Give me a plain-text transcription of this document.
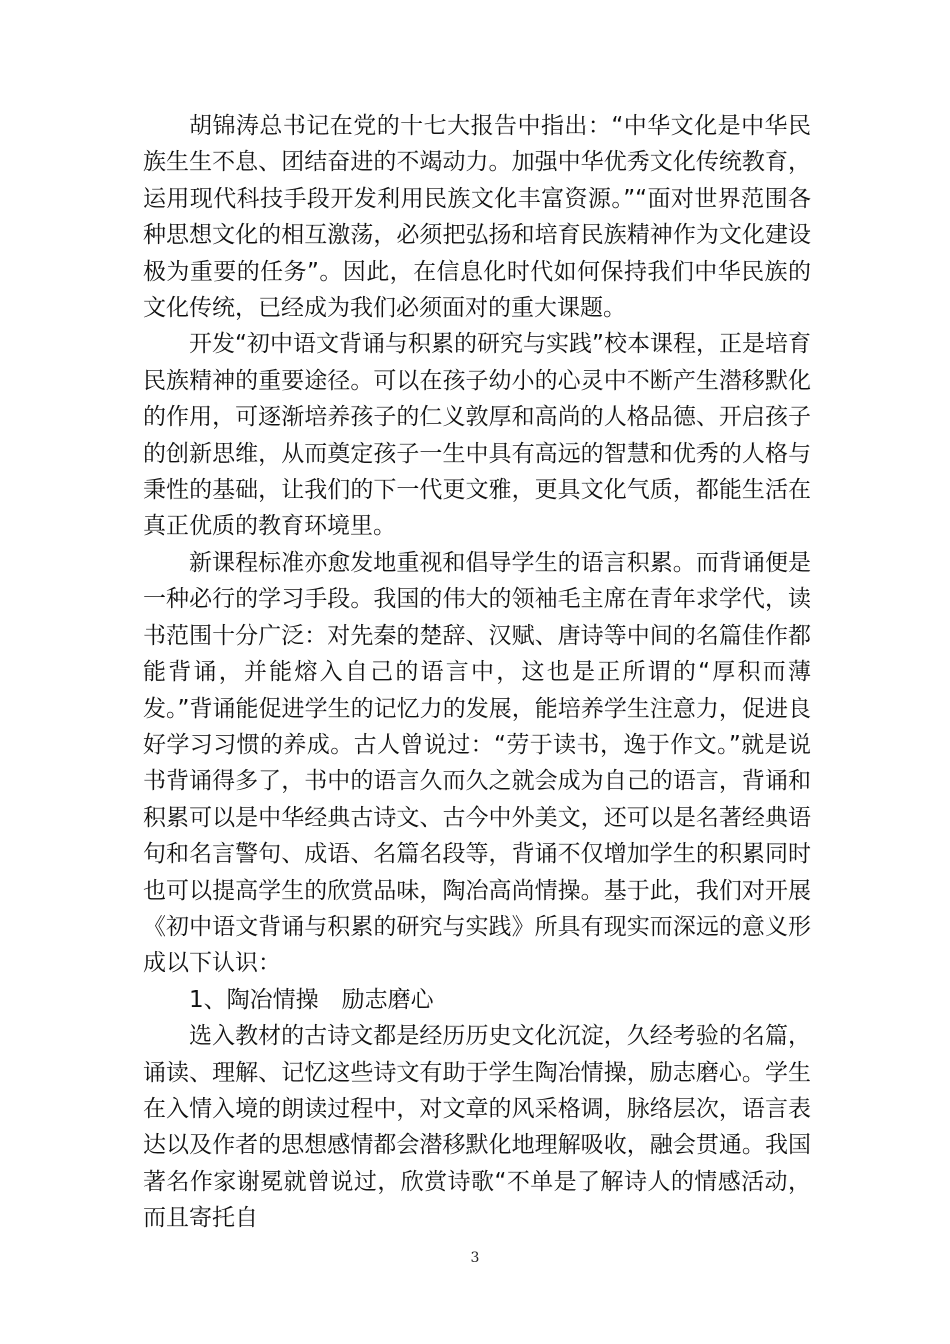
胡锦涛总书记在党的十七大报告中指出：“中华文化是中华民族生生不息、团结奋进的不竭动力。加强中华优秀文化传统教育，运用现代科技手段开发利用民族文化丰富资源。”“面对世界范围各种思想文化的相互激荡，必须把弘扬和培育民族精神作为文化建设极为重要的任务”。因此，在信息化时代如何保持我们中华民族的文化传统，已经成为我们必须面对的重大课题。

开发“初中语文背诵与积累的研究与实践”校本课程，正是培育民族精神的重要途径。可以在孩子幼小的心灵中不断产生潜移默化的作用，可逐渐培养孩子的仁义敦厚和高尚的人格品德、开启孩子的创新思维，从而奠定孩子一生中具有高远的智慧和优秀的人格与秉性的基础，让我们的下一代更文雅，更具文化气质，都能生活在真正优质的教育环境里。

新课程标准亦愈发地重视和倡导学生的语言积累。而背诵便是一种必行的学习手段。我国的伟大的领袖毛主席在青年求学代，读书范围十分广泛：对先秦的楚辞、汉赋、唐诗等中间的名篇佳作都能背诵，并能熔入自己的语言中，这也是正所谓的“厚积而薄发。”背诵能促进学生的记忆力的发展，能培养学生注意力，促进良好学习习惯的养成。古人曾说过：“劳于读书，逸于作文。”就是说书背诵得多了，书中的语言久而久之就会成为自己的语言，背诵和积累可以是中华经典古诗文、古今中外美文，还可以是名著经典语句和名言警句、成语、名篇名段等，背诵不仅增加学生的积累同时也可以提高学生的欣赏品味，陶冶高尚情操。基于此，我们对开展《初中语文背诵与积累的研究与实践》所具有现实而深远的意义形成以下认识：

1、陶冶情操　励志磨心

选入教材的古诗文都是经历历史文化沉淀，久经考验的名篇，诵读、理解、记忆这些诗文有助于学生陶冶情操，励志磨心。学生在入情入境的朗读过程中，对文章的风采格调，脉络层次，语言表达以及作者的思想感情都会潜移默化地理解吸收，融会贯通。我国著名作家谢冕就曾说过，欣赏诗歌“不单是了解诗人的情感活动，而且寄托自

3
